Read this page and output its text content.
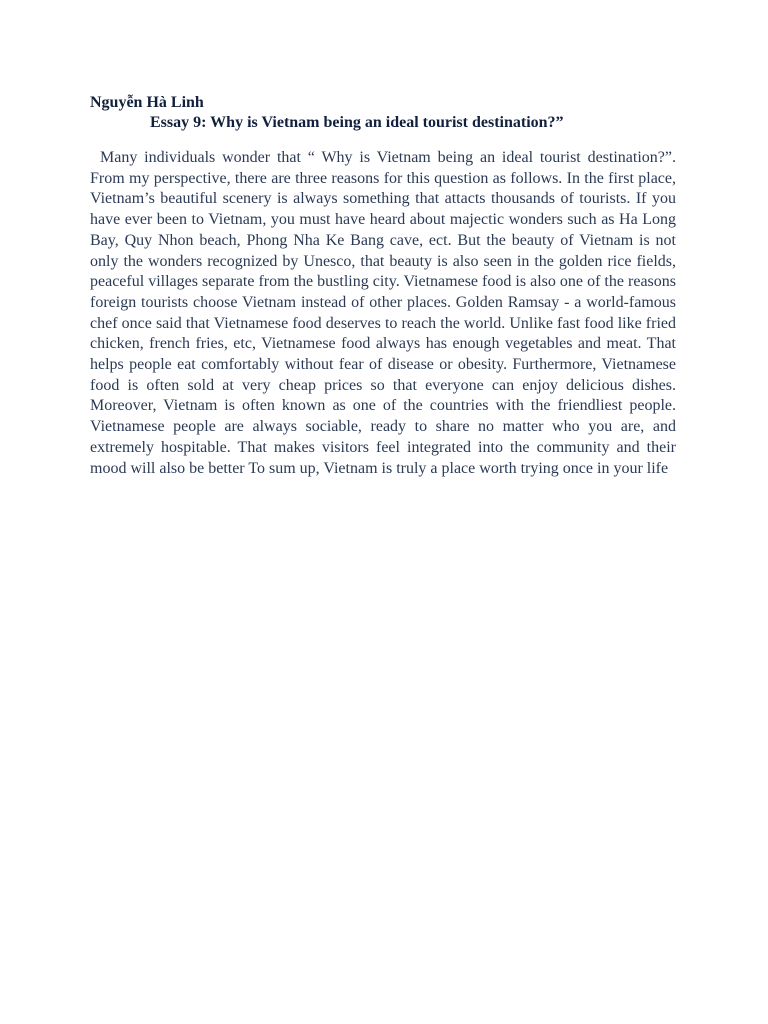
Nguyễn Hà Linh

Essay 9: Why is Vietnam being an ideal tourist destination?”

Many individuals wonder that “ Why is Vietnam being an ideal tourist destination?”. From my perspective, there are three reasons for this question as follows. In the first place, Vietnam’s beautiful scenery is always something that attacts thousands of tourists. If you have ever been to Vietnam, you must have heard about majectic wonders such as Ha Long Bay, Quy Nhon beach, Phong Nha Ke Bang cave, ect. But the beauty of Vietnam is not only the wonders recognized by Unesco, that beauty is also seen in the golden rice fields, peaceful villages separate from the bustling city. Vietnamese food is also one of the reasons foreign tourists choose Vietnam instead of other places. Golden Ramsay - a world-famous chef once said that Vietnamese food deserves to reach the world. Unlike fast food like fried chicken, french fries, etc, Vietnamese food always has enough vegetables and meat. That helps people eat comfortably without fear of disease or obesity. Furthermore, Vietnamese food is often sold at very cheap prices so that everyone can enjoy delicious dishes. Moreover, Vietnam is often known as one of the countries with the friendliest people. Vietnamese people are always sociable, ready to share no matter who you are, and extremely hospitable. That makes visitors feel integrated into the community and their mood will also be better To sum up, Vietnam is truly a place worth trying once in your life
